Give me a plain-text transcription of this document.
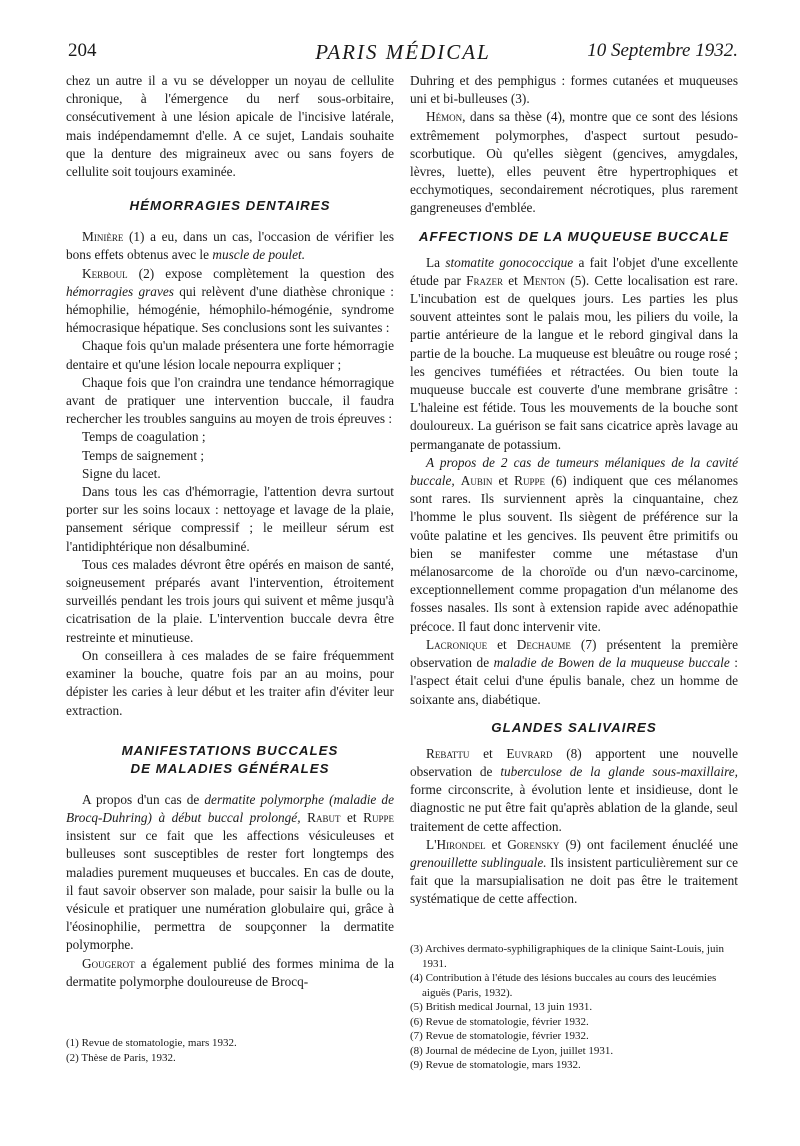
204	PARIS MÉDICAL	10 Septembre 1932.

chez un autre il a vu se développer un noyau de cellulite chronique, à l'émergence du nerf sous-orbitaire, consécutivement à une lésion apicale de l'incisive latérale, mais indépendamemnt d'elle. A ce sujet, Landais souhaite que la denture des migraineux avec ou sans foyers de cellulite soit toujours examinée.

HÉMORRAGIES DENTAIRES

Minière (1) a eu, dans un cas, l'occasion de vérifier les bons effets obtenus avec le muscle de poulet.

Kerboul (2) expose complètement la question des hémorragies graves qui relèvent d'une diathèse chronique : hémophilie, hémogénie, hémophilo-hémogénie, syndrome hémocrasique hépatique. Ses conclusions sont les suivantes :

Chaque fois qu'un malade présentera une forte hémorragie dentaire et qu'une lésion locale nepourra expliquer ;

Chaque fois que l'on craindra une tendance hémorragique avant de pratiquer une intervention buccale, il faudra rechercher les troubles sanguins au moyen de trois épreuves :

Temps de coagulation ;

Temps de saignement ;

Signe du lacet.

Dans tous les cas d'hémorragie, l'attention devra surtout porter sur les soins locaux : nettoyage et lavage de la plaie, pansement sérique compressif ; le meilleur sérum est l'antidiphtérique non désalbuminé.

Tous ces malades dévront être opérés en maison de santé, soigneusement préparés avant l'intervention, étroitement surveillés pendant les trois jours qui suivent et même jusqu'à cicatrisation de la plaie. L'intervention buccale devra être restreinte et minutieuse.

On conseillera à ces malades de se faire fréquemment examiner la bouche, quatre fois par an au moins, pour dépister les caries à leur début et les traiter afin d'éviter leur extraction.

MANIFESTATIONS BUCCALES
DE MALADIES GÉNÉRALES

A propos d'un cas de dermatite polymorphe (maladie de Brocq-Duhring) à début buccal prolongé, Rabut et Ruppe insistent sur ce fait que les affections vésiculeuses et bulleuses sont susceptibles de rester fort longtemps des maladies purement muqueuses et buccales. En cas de doute, il faut savoir observer son malade, pour saisir la bulle ou la vésicule et pratiquer une numération globulaire qui, grâce à l'éosinophilie, permettra de soupçonner la dermatite polymorphe.

Gougerot a également publié des formes minima de la dermatite polymorphe douloureuse de Brocq-

(1) Revue de stomatologie, mars 1932.
(2) Thèse de Paris, 1932.

Duhring et des pemphigus : formes cutanées et muqueuses uni et bi-bulleuses (3).

Hémon, dans sa thèse (4), montre que ce sont des lésions extrêmement polymorphes, d'aspect surtout pesudo-scorbutique. Où qu'elles siègent (gencives, amygdales, lèvres, luette), elles peuvent être hypertrophiques et ecchymotiques, secondairement nécrotiques, plus rarement gangreneuses d'emblée.

AFFECTIONS DE LA MUQUEUSE BUCCALE

La stomatite gonococcique a fait l'objet d'une excellente étude par Frazer et Menton (5). Cette localisation est rare. L'incubation est de quelques jours. Les parties les plus souvent atteintes sont le palais mou, les piliers du voile, la partie antérieure de la langue et le rebord gingival dans la partie de la bouche. La muqueuse est bleuâtre ou rouge rosé ; les gencives tuméfiées et rétractées. Ou bien toute la muqueuse buccale est couverte d'une membrane grisâtre : L'haleine est fétide. Tous les mouvements de la bouche sont douloureux. La guérison se fait sans cicatrice après lavage au permanganate de potassium.

A propos de 2 cas de tumeurs mélaniques de la cavité buccale, Aubin et Ruppe (6) indiquent que ces mélanomes sont rares. Ils surviennent après la cinquantaine, chez l'homme le plus souvent. Ils siègent de préférence sur la voûte palatine et les gencives. Ils peuvent être primitifs ou bien se manifester comme une métastase d'un mélanosarcome de la choroïde ou d'un nævo-carcinome, exceptionnellement comme propagation d'un mélanome des fosses nasales. Ils sont à extension rapide avec adénopathie précoce. Il faut donc intervenir vite.

Lacronique et Dechaume (7) présentent la première observation de maladie de Bowen de la muqueuse buccale : l'aspect était celui d'une épulis banale, chez un homme de soixante ans, diabétique.

GLANDES SALIVAIRES

Rebattu et Euvrard (8) apportent une nouvelle observation de tuberculose de la glande sous-maxillaire, forme circonscrite, à évolution lente et insidieuse, dont le diagnostic ne put être fait qu'après ablation de la glande, seul traitement de cette affection.

L'Hirondel et Gorensky (9) ont facilement énucléé une grenouillette sublinguale. Ils insistent particulièrement sur ce fait que la marsupialisation ne doit pas être le traitement systématique de cette affection.

(3) Archives dermato-syphiligraphiques de la clinique Saint-Louis, juin 1931.
(4) Contribution à l'étude des lésions buccales au cours des leucémies aiguës (Paris, 1932).
(5) British medical Journal, 13 juin 1931.
(6) Revue de stomatologie, février 1932.
(7) Revue de stomatologie, février 1932.
(8) Journal de médecine de Lyon, juillet 1931.
(9) Revue de stomatologie, mars 1932.
